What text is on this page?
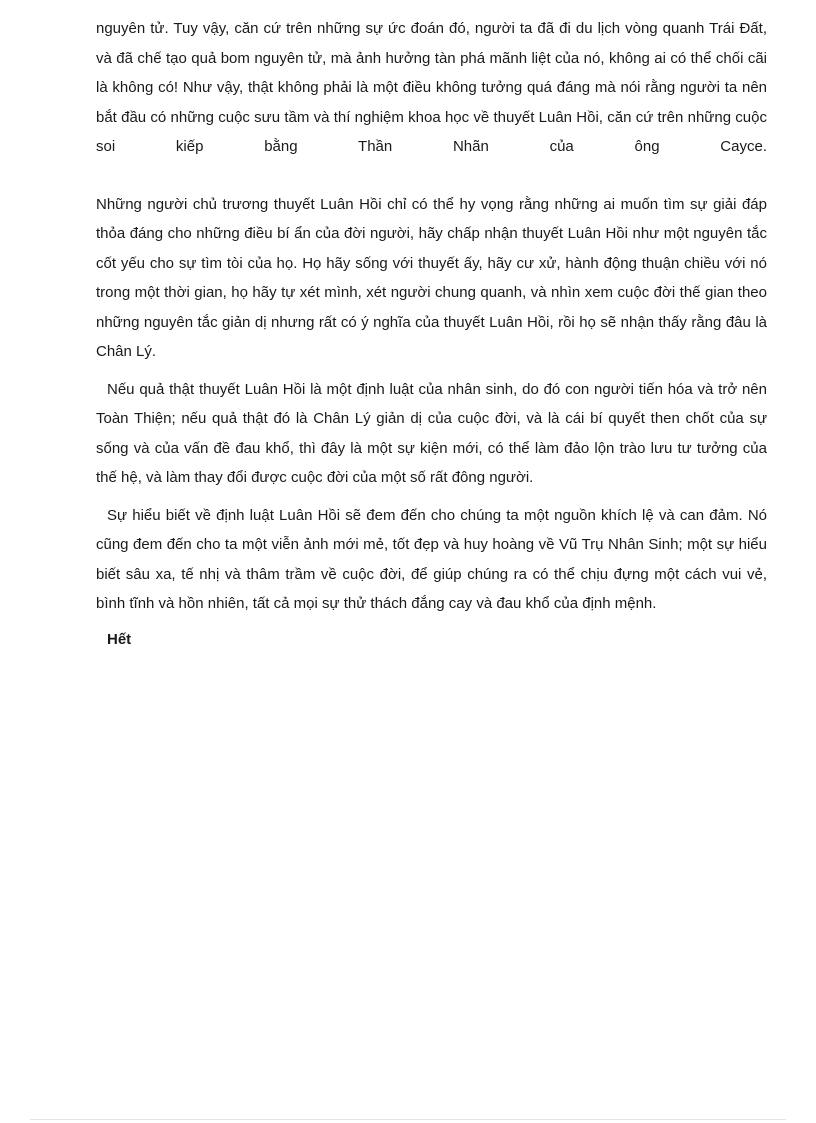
nguyên tử. Tuy vậy, căn cứ trên những sự ức đoán đó, người ta đã đi du lịch vòng quanh Trái Đất, và đã chế tạo quả bom nguyên tử, mà ảnh hưởng tàn phá mãnh liệt của nó, không ai có thể chối cãi là không có! Như vậy, thật không phải là một điều không tưởng quá đáng mà nói rằng người ta nên bắt đầu có những cuộc sưu tầm và thí nghiệm khoa học về thuyết Luân Hồi, căn cứ trên những cuộc soi kiếp bằng Thần Nhãn của ông Cayce.

Những người chủ trương thuyết Luân Hồi chỉ có thể hy vọng rằng những ai muốn tìm sự giải đáp thỏa đáng cho những điều bí ẩn của đời người, hãy chấp nhận thuyết Luân Hồi như một nguyên tắc cốt yếu cho sự tìm tòi của họ. Họ hãy sống với thuyết ấy, hãy cư xử, hành động thuận chiều với nó trong một thời gian, họ hãy tự xét mình, xét người chung quanh, và nhìn xem cuộc đời thế gian theo những nguyên tắc giản dị nhưng rất có ý nghĩa của thuyết Luân Hồi, rồi họ sẽ nhận thấy rằng đâu là Chân Lý.

Nếu quả thật thuyết Luân Hồi là một định luật của nhân sinh, do đó con người tiến hóa và trở nên Toàn Thiện; nếu quả thật đó là Chân Lý giản dị của cuộc đời, và là cái bí quyết then chốt của sự sống và của vấn đề đau khổ, thì đây là một sự kiện mới, có thể làm đảo lộn trào lưu tư tưởng của thế hệ, và làm thay đổi được cuộc đời của một số rất đông người.

Sự hiểu biết về định luật Luân Hồi sẽ đem đến cho chúng ta một nguồn khích lệ và can đảm. Nó cũng đem đến cho ta một viễn ảnh mới mẻ, tốt đẹp và huy hoàng về Vũ Trụ Nhân Sinh; một sự hiểu biết sâu xa, tế nhị và thâm trầm về cuộc đời, để giúp chúng ra có thể chịu đựng một cách vui vẻ, bình tĩnh và hồn nhiên, tất cả mọi sự thử thách đắng cay và đau khổ của định mệnh.

Hết
